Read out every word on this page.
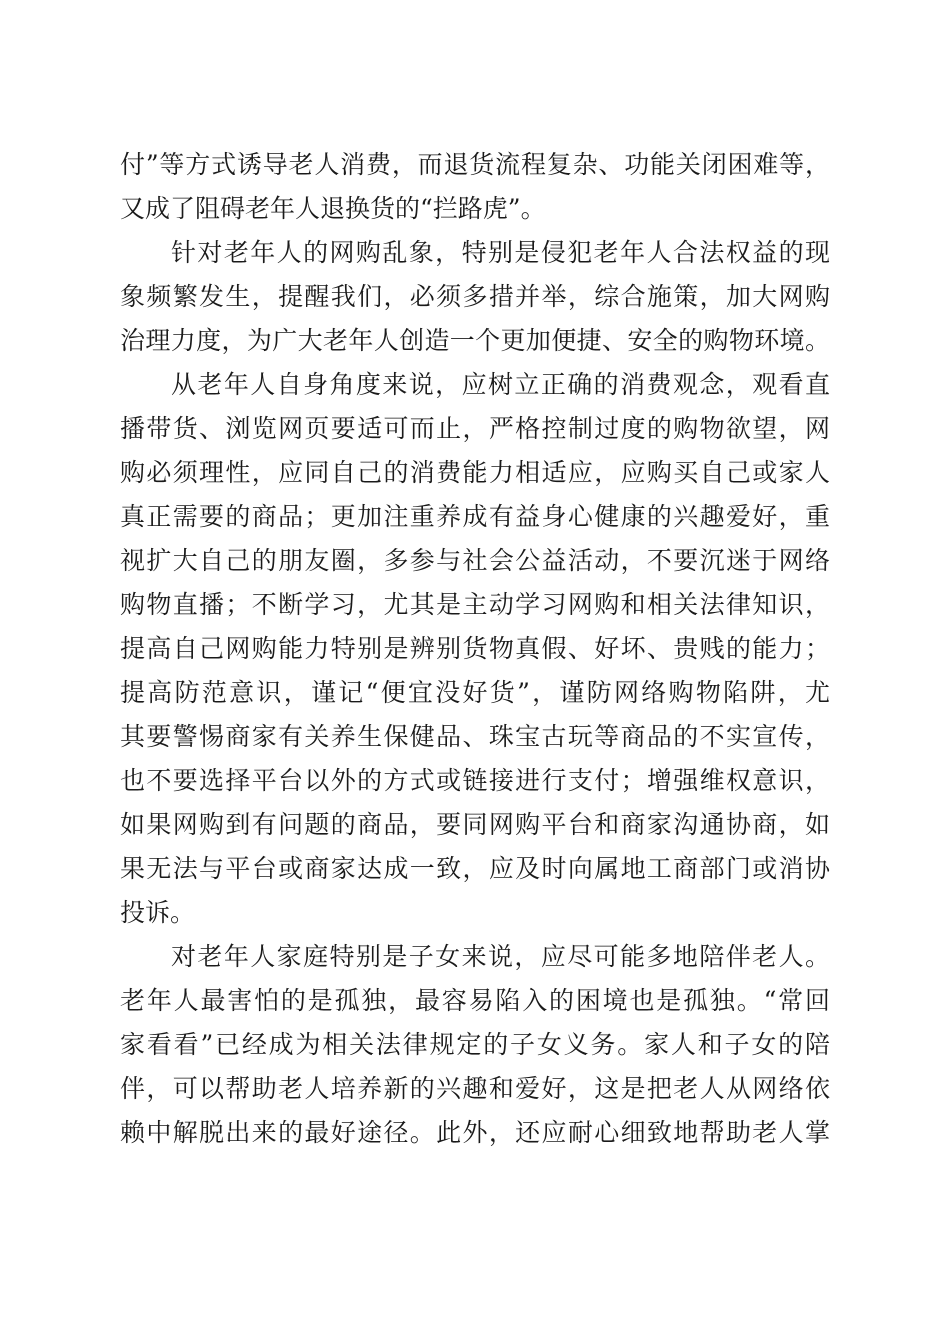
付”等方式诱导老人消费，而退货流程复杂、功能关闭困难等，
又成了阻碍老年人退换货的“拦路虎”。
针对老年人的网购乱象，特别是侵犯老年人合法权益的现
象频繁发生，提醒我们，必须多措并举，综合施策，加大网购
治理力度，为广大老年人创造一个更加便捷、安全的购物环境。
从老年人自身角度来说，应树立正确的消费观念，观看直
播带货、浏览网页要适可而止，严格控制过度的购物欲望，网
购必须理性，应同自己的消费能力相适应，应购买自己或家人
真正需要的商品；更加注重养成有益身心健康的兴趣爱好，重
视扩大自己的朋友圈，多参与社会公益活动，不要沉迷于网络
购物直播；不断学习，尤其是主动学习网购和相关法律知识，
提高自己网购能力特别是辨别货物真假、好坏、贵贱的能力；
提高防范意识，谨记“便宜没好货”，谨防网络购物陷阱，尤
其要警惕商家有关养生保健品、珠宝古玩等商品的不实宣传，
也不要选择平台以外的方式或链接进行支付；增强维权意识，
如果网购到有问题的商品，要同网购平台和商家沟通协商，如
果无法与平台或商家达成一致，应及时向属地工商部门或消协
投诉。
对老年人家庭特别是子女来说，应尽可能多地陪伴老人。
老年人最害怕的是孤独，最容易陷入的困境也是孤独。“常回
家看看”已经成为相关法律规定的子女义务。家人和子女的陪
伴，可以帮助老人培养新的兴趣和爱好，这是把老人从网络依
赖中解脱出来的最好途径。此外，还应耐心细致地帮助老人掌
